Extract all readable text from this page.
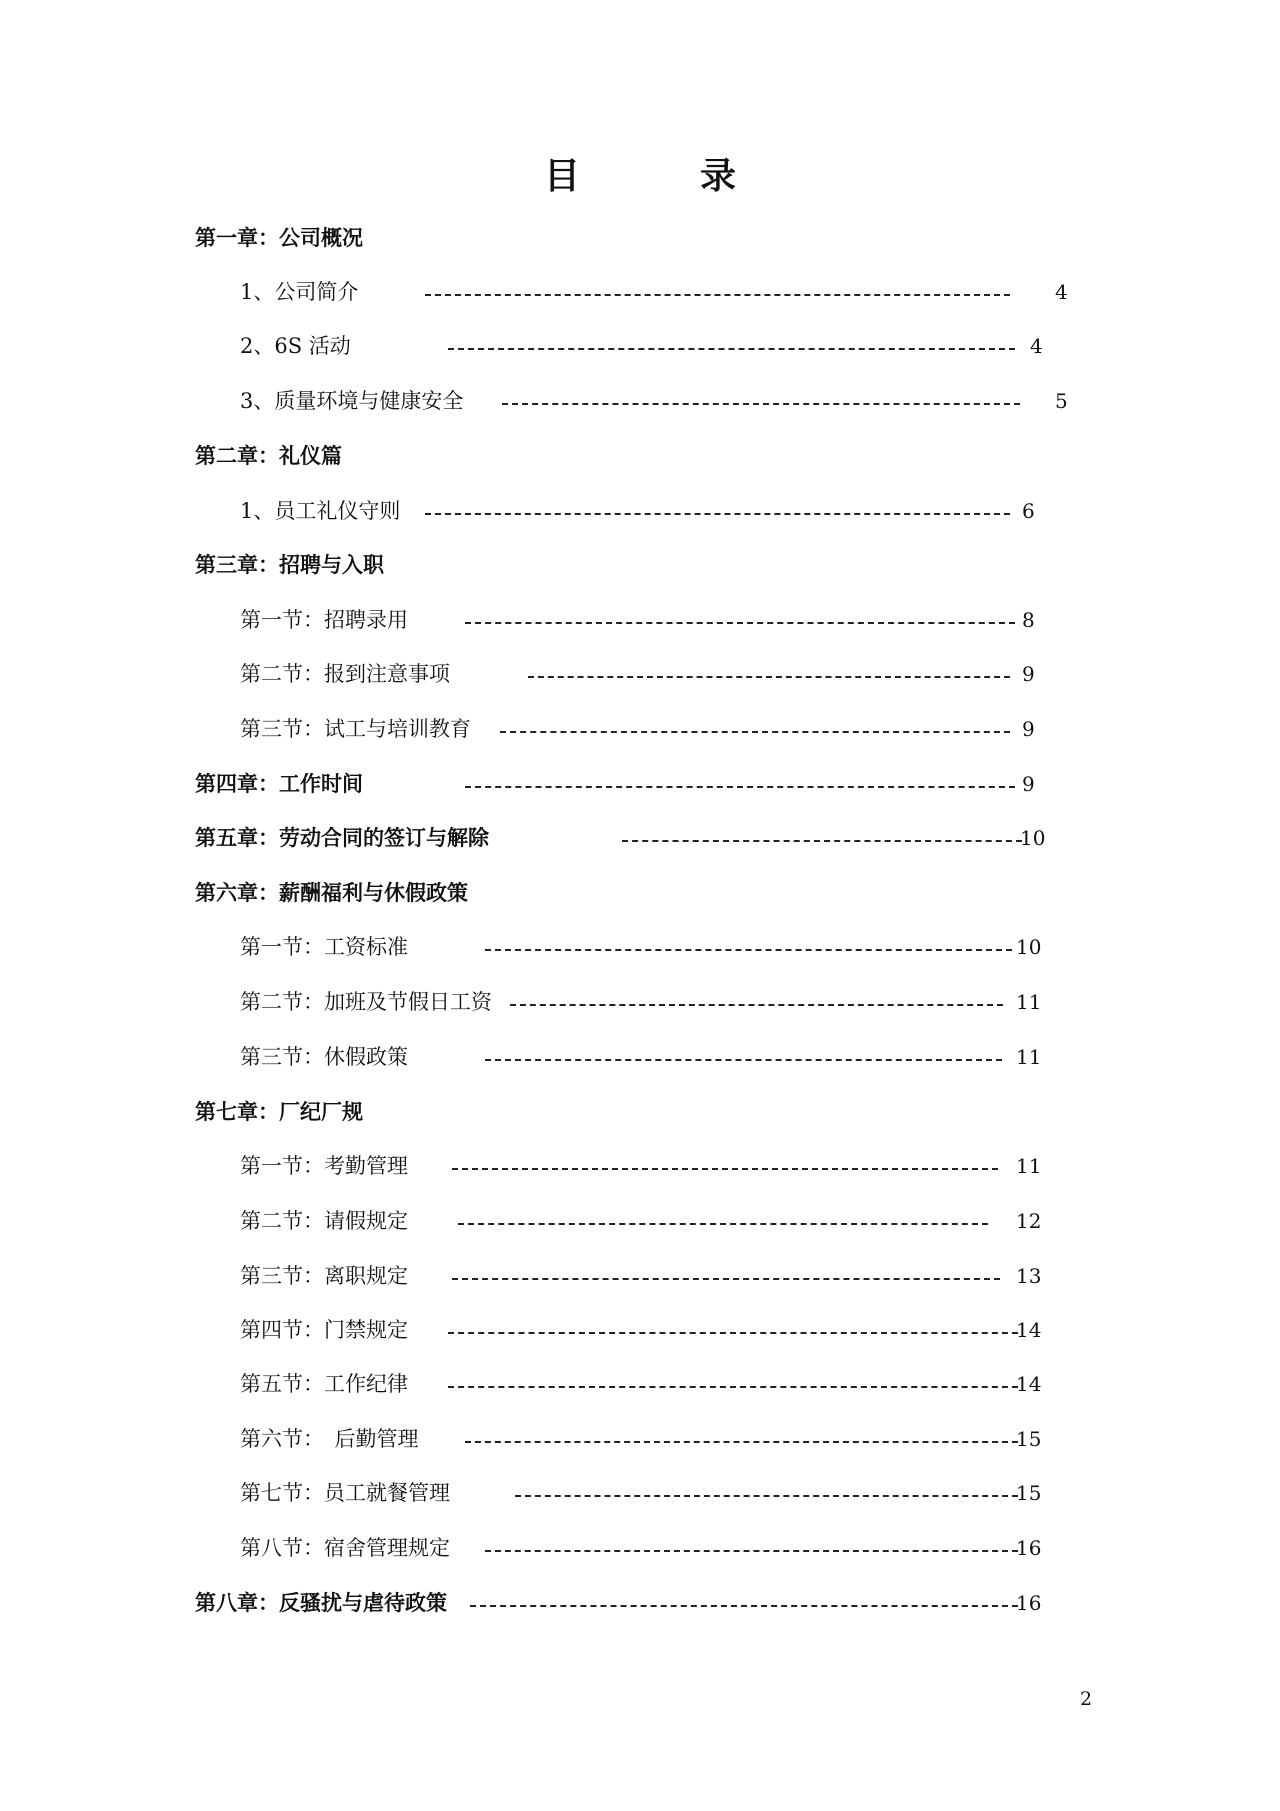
目　录
第一章：公司概况
1、公司简介	4
2、6S 活动	4
3、质量环境与健康安全	5
第二章：礼仪篇
1、员工礼仪守则	6
第三章：招聘与入职
第一节：招聘录用	8
第二节：报到注意事项	9
第三节：试工与培训教育	9
第四章：工作时间	9
第五章：劳动合同的签订与解除	10
第六章：薪酬福利与休假政策
第一节：工资标准	10
第二节：加班及节假日工资	11
第三节：休假政策	11
第七章：厂纪厂规
第一节：考勤管理	11
第二节：请假规定	12
第三节：离职规定	13
第四节：门禁规定	14
第五节：工作纪律	14
第六节：　后勤管理	15
第七节：员工就餐管理	15
第八节：宿舍管理规定	16
第八章：反骚扰与虐待政策	16
2
